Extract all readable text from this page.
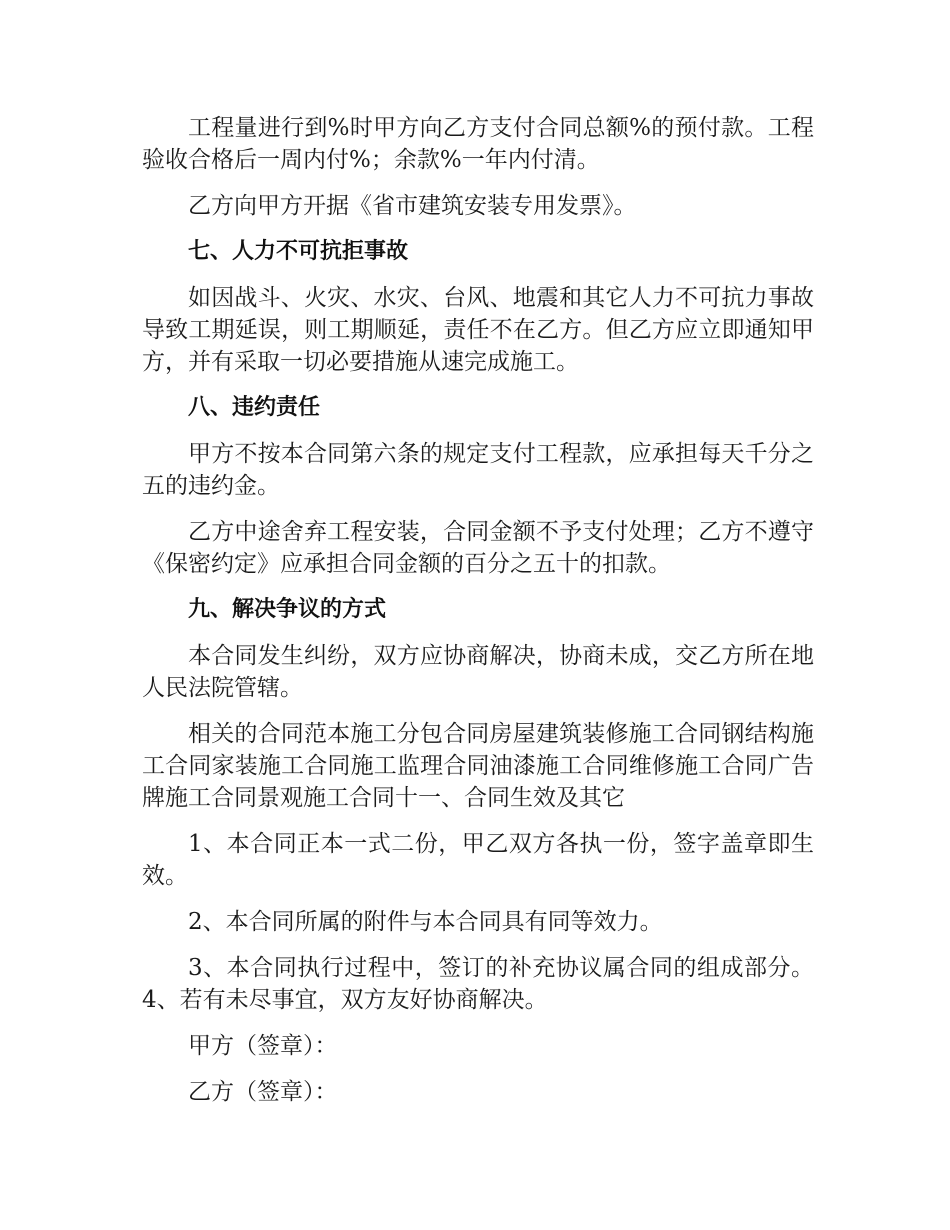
工程量进行到%时甲方向乙方支付合同总额%的预付款。工程验收合格后一周内付%；余款%一年内付清。

乙方向甲方开据《省市建筑安装专用发票》。

七、人力不可抗拒事故

如因战斗、火灾、水灾、台风、地震和其它人力不可抗力事故导致工期延误，则工期顺延，责任不在乙方。但乙方应立即通知甲方，并有采取一切必要措施从速完成施工。

八、违约责任

甲方不按本合同第六条的规定支付工程款，应承担每天千分之五的违约金。

乙方中途舍弃工程安装，合同金额不予支付处理；乙方不遵守《保密约定》应承担合同金额的百分之五十的扣款。

九、解决争议的方式

本合同发生纠纷，双方应协商解决，协商未成，交乙方所在地人民法院管辖。

相关的合同范本施工分包合同房屋建筑装修施工合同钢结构施工合同家装施工合同施工监理合同油漆施工合同维修施工合同广告牌施工合同景观施工合同十一、合同生效及其它

1、本合同正本一式二份，甲乙双方各执一份，签字盖章即生效。

2、本合同所属的附件与本合同具有同等效力。

3、本合同执行过程中，签订的补充协议属合同的组成部分。4、若有未尽事宜，双方友好协商解决。

甲方（签章）：

乙方（签章）：
